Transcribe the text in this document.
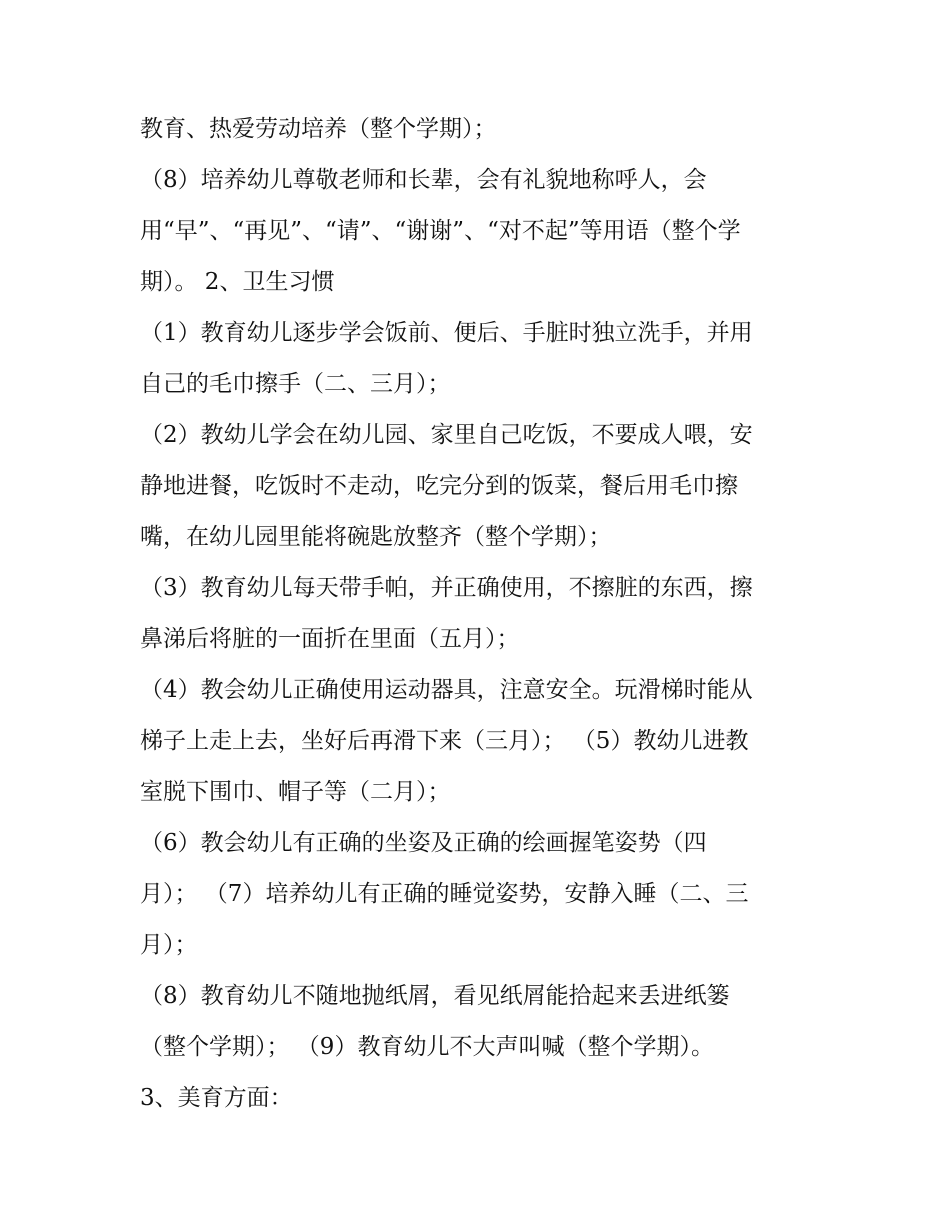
教育、热爱劳动培养（整个学期）；
（8）培养幼儿尊敬老师和长辈，会有礼貌地称呼人，会
用“早”、“再见”、“请”、“谢谢”、“对不起”等用语（整个学
期）。 2、卫生习惯
（1）教育幼儿逐步学会饭前、便后、手脏时独立洗手，并用
自己的毛巾擦手（二、三月）；
（2）教幼儿学会在幼儿园、家里自己吃饭，不要成人喂，安
静地进餐，吃饭时不走动，吃完分到的饭菜，餐后用毛巾擦
嘴，在幼儿园里能将碗匙放整齐（整个学期）；
（3）教育幼儿每天带手帕，并正确使用，不擦脏的东西，擦
鼻涕后将脏的一面折在里面（五月）；
（4）教会幼儿正确使用运动器具，注意安全。玩滑梯时能从
梯子上走上去，坐好后再滑下来（三月）； （5）教幼儿进教
室脱下围巾、帽子等（二月）；
（6）教会幼儿有正确的坐姿及正确的绘画握笔姿势（四
月）； （7）培养幼儿有正确的睡觉姿势，安静入睡（二、三
月）；
（8）教育幼儿不随地抛纸屑，看见纸屑能拾起来丢进纸篓
（整个学期）； （9）教育幼儿不大声叫喊（整个学期）。
3、美育方面：
